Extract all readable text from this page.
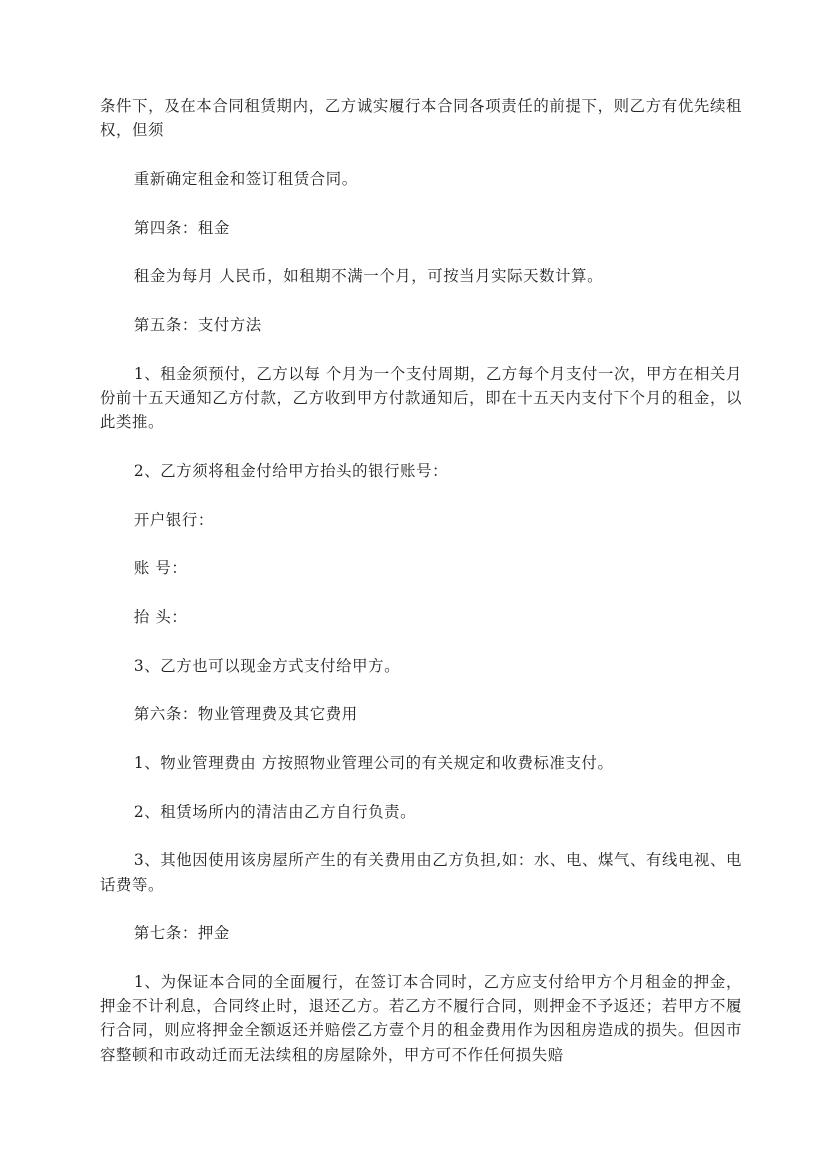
条件下，及在本合同租赁期内，乙方诚实履行本合同各项责任的前提下，则乙方有优先续租权，但须

重新确定租金和签订租赁合同。

第四条：租金

租金为每月 人民币，如租期不满一个月，可按当月实际天数计算。

第五条：支付方法

1、租金须预付，乙方以每 个月为一个支付周期，乙方每个月支付一次，甲方在相关月份前十五天通知乙方付款，乙方收到甲方付款通知后，即在十五天内支付下个月的租金，以此类推。

2、乙方须将租金付给甲方抬头的银行账号：

开户银行：

账 号：

抬 头：

3、乙方也可以现金方式支付给甲方。

第六条：物业管理费及其它费用

1、物业管理费由 方按照物业管理公司的有关规定和收费标准支付。

2、租赁场所内的清洁由乙方自行负责。

3、其他因使用该房屋所产生的有关费用由乙方负担,如：水、电、煤气、有线电视、电话费等。

第七条：押金

1、为保证本合同的全面履行，在签订本合同时，乙方应支付给甲方个月租金的押金，押金不计利息，合同终止时，退还乙方。若乙方不履行合同，则押金不予返还；若甲方不履行合同，则应将押金全额返还并赔偿乙方壹个月的租金费用作为因租房造成的损失。但因市容整顿和市政动迁而无法续租的房屋除外，甲方可不作任何损失赔
